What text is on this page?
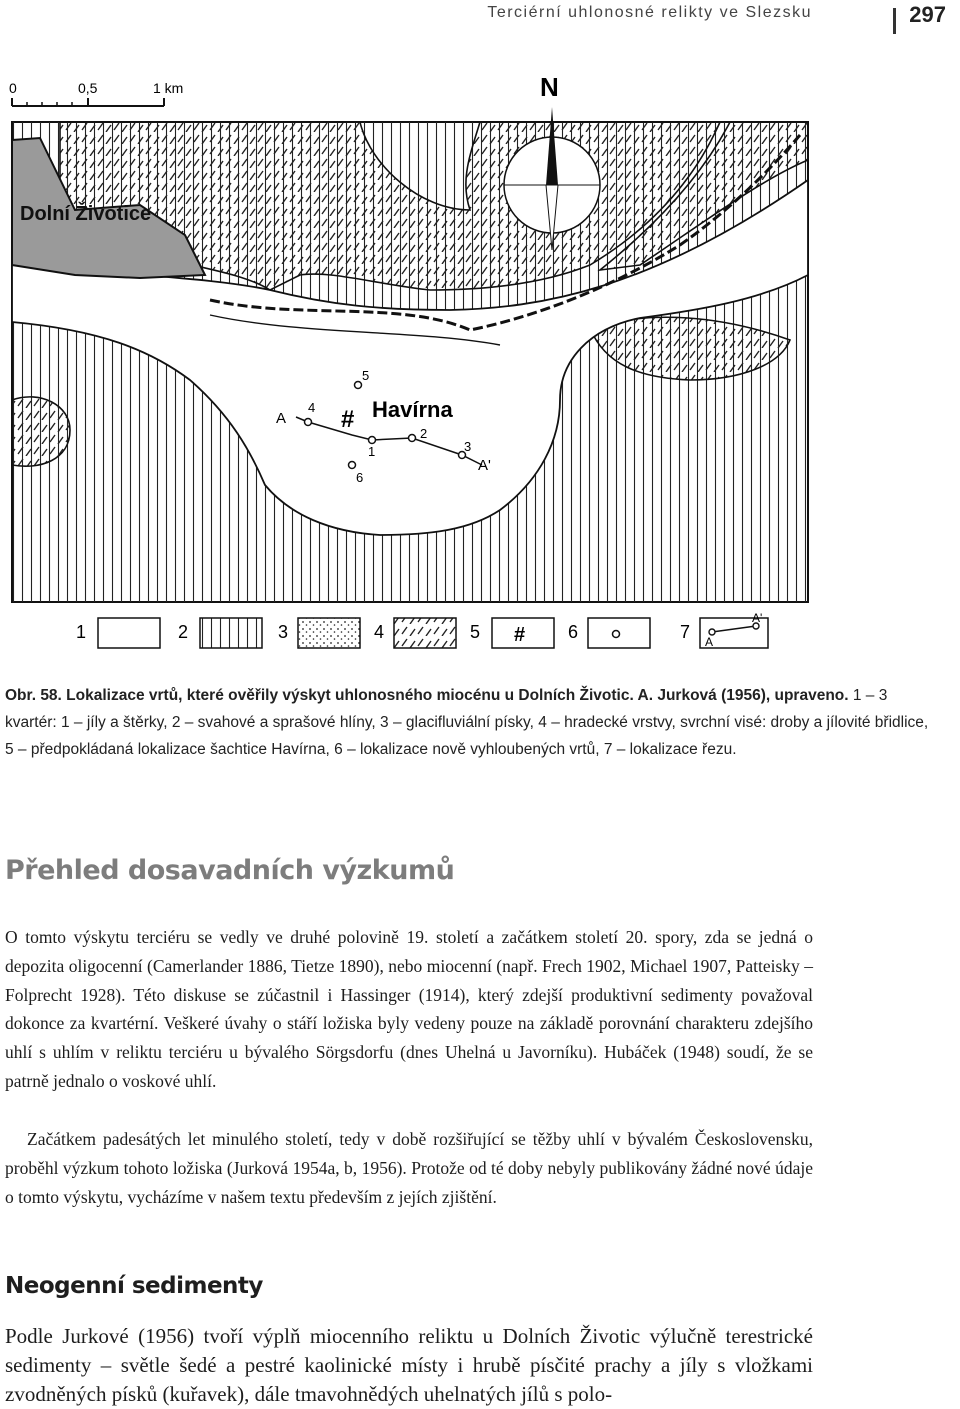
Terciérní uhlonosné relikty ve Slezsku	297
0	0,5	1 km	N
Dolní Životice
# Havírna
A
A'
1
2
3
4
5
6
1	2	3	4	5 # 6	7 A
A'
Obr. 58. Lokalizace vrtů, které ověřily výskyt uhlonosného miocénu u Dolních Životic. A. Jurková (1956), upraveno. 1 – 3 kvartér: 1 – jíly a štěrky, 2 – svahové a sprašové hlíny, 3 – glacifluviální písky, 4 – hradecké vrstvy, svrchní visé: droby a jílovité břidlice, 5 – předpokládaná lokalizace šachtice Havírna, 6 – lokalizace nově vyhloubených vrtů, 7 – lokalizace řezu.
Přehled dosavadních výzkumů

O tomto výskytu terciéru se vedly ve druhé polovině 19. století a začátkem století 20. spory, zda se jedná o depozita oligocenní (Camerlander 1886, Tietze 1890), nebo miocenní (např. Frech 1902, Michael 1907, Patteisky – Folprecht 1928). Této diskuse se zúčastnil i Hassinger (1914), který zdejší produktivní sedimenty považoval dokonce za kvartérní. Veškeré úvahy o stáří ložiska byly vedeny pouze na základě porovnání charakteru zdejšího uhlí s uhlím v reliktu terciéru u bývalého Sörgsdorfu (dnes Uhelná u Javorníku). Hubáček (1948) soudí, že se patrně jednalo o voskové uhlí.

Začátkem padesátých let minulého století, tedy v době rozšiřující se těžby uhlí v bývalém Československu, proběhl výzkum tohoto ložiska (Jurková 1954a, b, 1956). Protože od té doby nebyly publikovány žádné nové údaje o tomto výskytu, vycházíme v našem textu především z jejích zjištění.

Neogenní sedimenty

Podle Jurkové (1956) tvoří výplň miocenního reliktu u Dolních Životic výlučně terestrické sedimenty – světle šedé a pestré kaolinické místy i hrubě písčité prachy a jíly s vložkami zvodněných písků (kuřavek), dále tmavohnědých uhelnatých jílů s polo-
